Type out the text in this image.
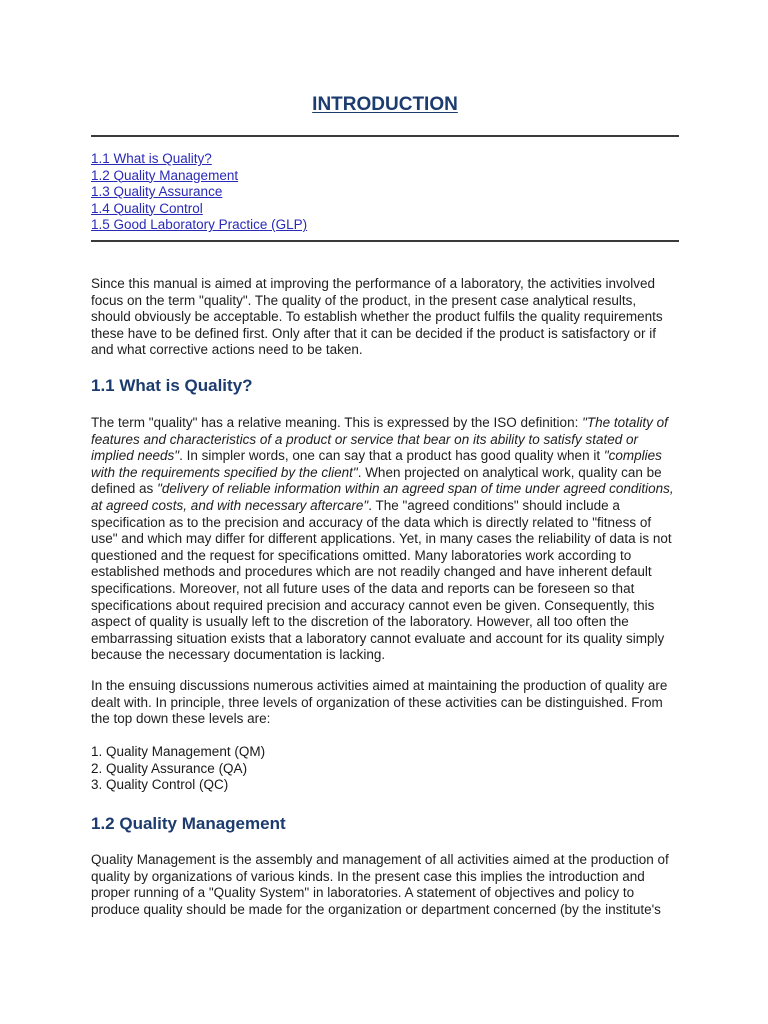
INTRODUCTION
1.1 What is Quality?
1.2 Quality Management
1.3 Quality Assurance
1.4 Quality Control
1.5 Good Laboratory Practice (GLP)

Since this manual is aimed at improving the performance of a laboratory, the activities involved focus on the term "quality". The quality of the product, in the present case analytical results, should obviously be acceptable. To establish whether the product fulfils the quality requirements these have to be defined first. Only after that it can be decided if the product is satisfactory or if and what corrective actions need to be taken.

1.1 What is Quality?

The term "quality" has a relative meaning. This is expressed by the ISO definition: "The totality of features and characteristics of a product or service that bear on its ability to satisfy stated or implied needs". In simpler words, one can say that a product has good quality when it "complies with the requirements specified by the client". When projected on analytical work, quality can be defined as "delivery of reliable information within an agreed span of time under agreed conditions, at agreed costs, and with necessary aftercare". The "agreed conditions" should include a specification as to the precision and accuracy of the data which is directly related to "fitness of use" and which may differ for different applications. Yet, in many cases the reliability of data is not questioned and the request for specifications omitted. Many laboratories work according to established methods and procedures which are not readily changed and have inherent default specifications. Moreover, not all future uses of the data and reports can be foreseen so that specifications about required precision and accuracy cannot even be given. Consequently, this aspect of quality is usually left to the discretion of the laboratory. However, all too often the embarrassing situation exists that a laboratory cannot evaluate and account for its quality simply because the necessary documentation is lacking.

In the ensuing discussions numerous activities aimed at maintaining the production of quality are dealt with. In principle, three levels of organization of these activities can be distinguished. From the top down these levels are:

1. Quality Management (QM)
2. Quality Assurance (QA)
3. Quality Control (QC)
1.2 Quality Management

Quality Management is the assembly and management of all activities aimed at the production of quality by organizations of various kinds. In the present case this implies the introduction and proper running of a "Quality System" in laboratories. A statement of objectives and policy to produce quality should be made for the organization or department concerned (by the institute's
